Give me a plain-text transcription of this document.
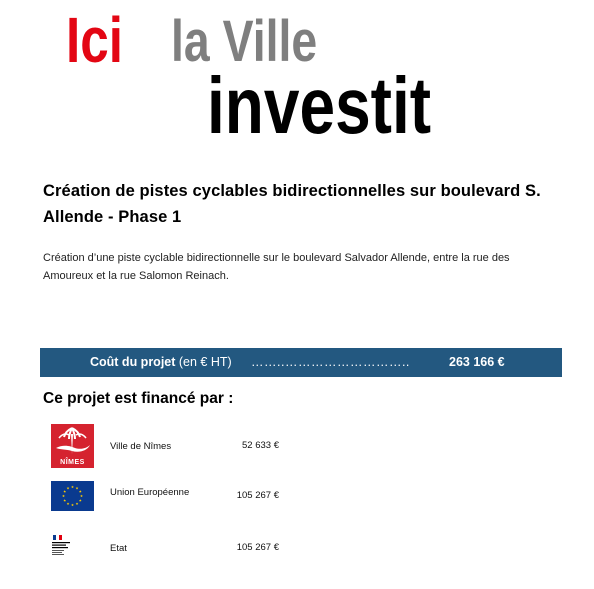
Ici la Ville
investit
Création de pistes cyclables bidirectionnelles sur boulevard S. Allende - Phase 1
Création d’une piste cyclable bidirectionnelle sur le boulevard Salvador Allende, entre la rue des Amoureux et la rue Salomon Reinach.
Coût du projet (en € HT) ……..………………………..	263 166 €
Ce projet est financé par :
NÎMES
Ville de Nîmes	52 633 €
Union Européenne	105 267 €
Etat	105 267 €
